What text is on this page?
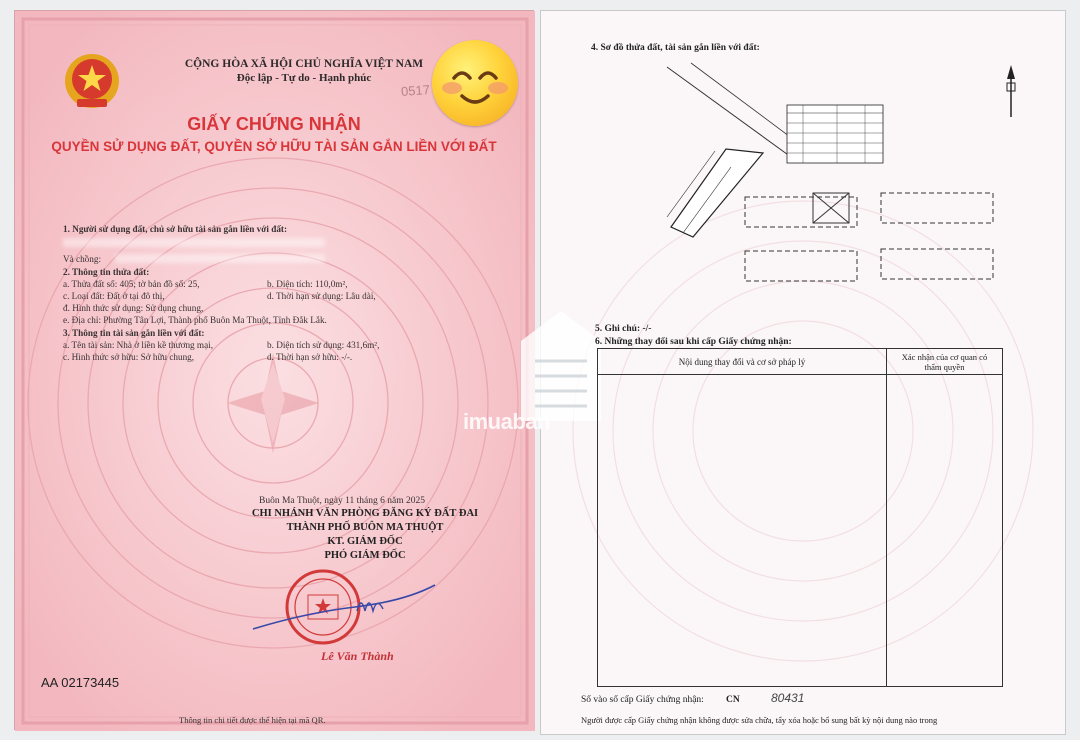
CỘNG HÒA XÃ HỘI CHỦ NGHĨA VIỆT NAM
Độc lập - Tự do - Hạnh phúc
0517
GIẤY CHỨNG NHẬN
QUYỀN SỬ DỤNG ĐẤT, QUYỀN SỞ HỮU TÀI SẢN GẮN LIỀN VỚI ĐẤT
1. Người sử dụng đất, chủ sở hữu tài sản gắn liền với đất:
Và chồng:
2. Thông tin thửa đất:
a. Thửa đất số: 405; tờ bản đồ số: 25,	b. Diện tích: 110,0m²,
c. Loại đất: Đất ở tại đô thị,	d. Thời hạn sử dụng: Lâu dài,
đ. Hình thức sử dụng: Sử dụng chung,
e. Địa chỉ: Phường Tân Lợi, Thành phố Buôn Ma Thuột, Tỉnh Đắk Lắk.
3. Thông tin tài sản gắn liền với đất:
a. Tên tài sản: Nhà ở liền kề thương mại,	b. Diện tích sử dụng: 431,6m²,
c. Hình thức sở hữu: Sở hữu chung,	d. Thời hạn sở hữu: -/-.
Buôn Ma Thuột, ngày 11 tháng 6 năm 2025
CHI NHÁNH VĂN PHÒNG ĐĂNG KÝ ĐẤT ĐAI
THÀNH PHỐ BUÔN MA THUỘT
KT. GIÁM ĐỐC
PHÓ GIÁM ĐỐC
Lê Văn Thành
AA 02173445
Thông tin chi tiết được thể hiện tại mã QR.
4. Sơ đồ thửa đất, tài sản gắn liền với đất:
imuaban
5. Ghi chú: -/-
6. Những thay đổi sau khi cấp Giấy chứng nhận:
Nội dung thay đổi và cơ sở pháp lý	Xác nhận của cơ quan có thẩm quyền

Số vào sổ cấp Giấy chứng nhận: CN	80431
Người được cấp Giấy chứng nhận không được sửa chữa, tẩy xóa hoặc bổ sung bất kỳ nội dung nào trong
